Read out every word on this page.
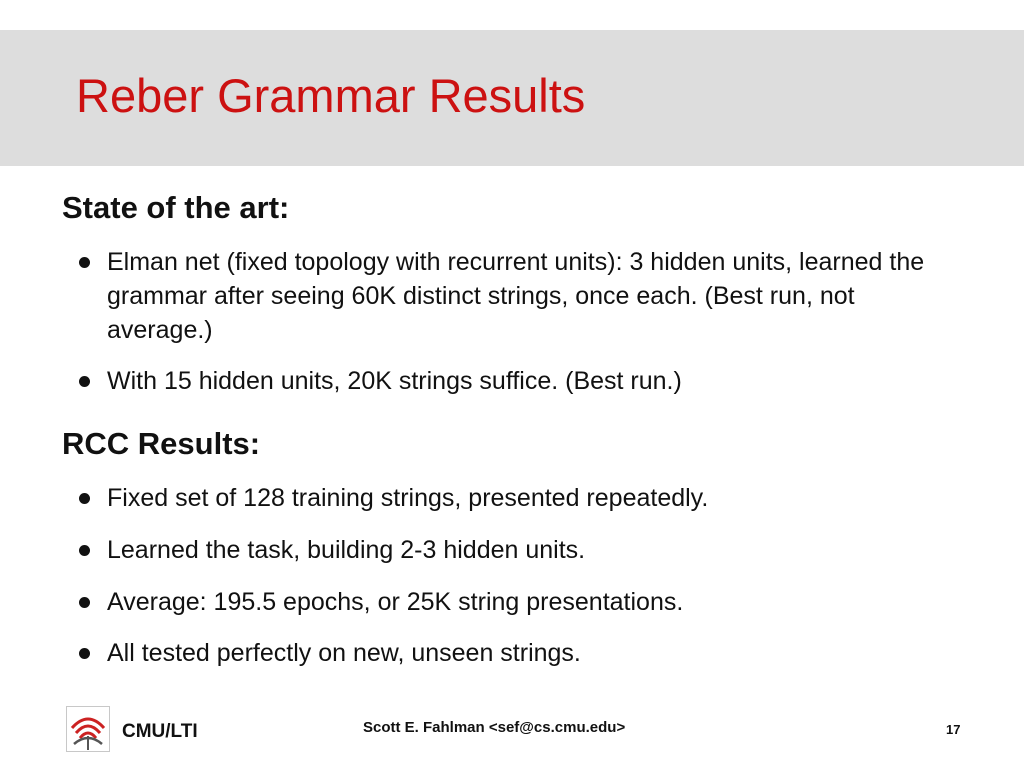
Reber Grammar Results
State of the art:
Elman net (fixed topology with recurrent units): 3 hidden units, learned the grammar after seeing 60K distinct strings, once each. (Best run, not average.)
With 15 hidden units, 20K strings suffice. (Best run.)
RCC Results:
Fixed set of 128 training strings, presented repeatedly.
Learned the task, building 2-3 hidden units.
Average: 195.5 epochs, or 25K string presentations.
All tested perfectly on new, unseen strings.
CMU/LTI	Scott E. Fahlman <sef@cs.cmu.edu>	17
